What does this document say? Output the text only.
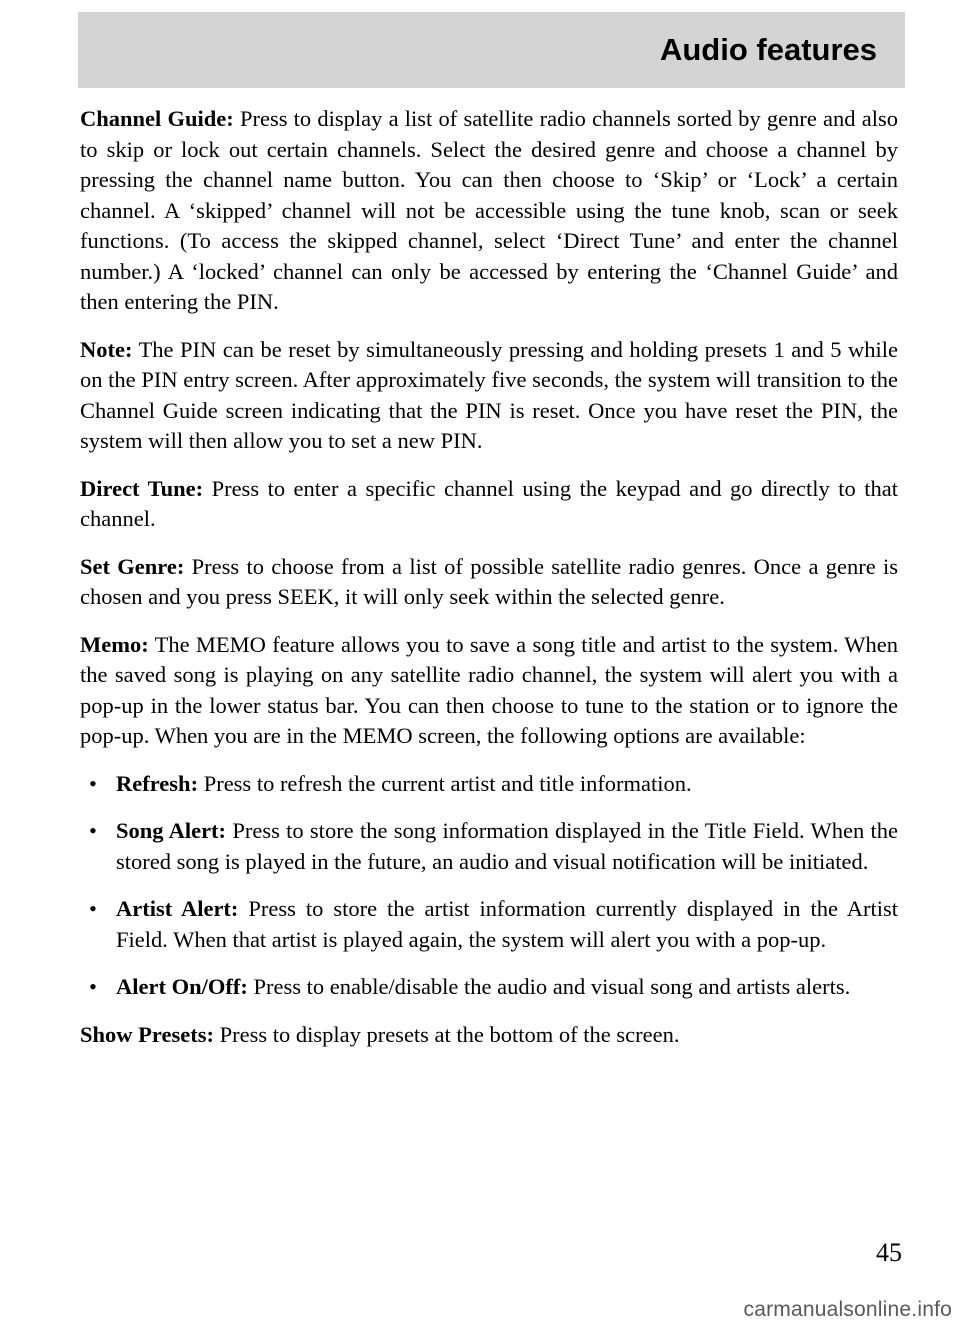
Audio features

Channel Guide: Press to display a list of satellite radio channels sorted by genre and also to skip or lock out certain channels. Select the desired genre and choose a channel by pressing the channel name button. You can then choose to ‘Skip’ or ‘Lock’ a certain channel. A ‘skipped’ channel will not be accessible using the tune knob, scan or seek functions. (To access the skipped channel, select ‘Direct Tune’ and enter the channel number.) A ‘locked’ channel can only be accessed by entering the ‘Channel Guide’ and then entering the PIN.

Note: The PIN can be reset by simultaneously pressing and holding presets 1 and 5 while on the PIN entry screen. After approximately five seconds, the system will transition to the Channel Guide screen indicating that the PIN is reset. Once you have reset the PIN, the system will then allow you to set a new PIN.

Direct Tune: Press to enter a specific channel using the keypad and go directly to that channel.

Set Genre: Press to choose from a list of possible satellite radio genres. Once a genre is chosen and you press SEEK, it will only seek within the selected genre.

Memo: The MEMO feature allows you to save a song title and artist to the system. When the saved song is playing on any satellite radio channel, the system will alert you with a pop-up in the lower status bar. You can then choose to tune to the station or to ignore the pop-up. When you are in the MEMO screen, the following options are available:

• Refresh: Press to refresh the current artist and title information.
• Song Alert: Press to store the song information displayed in the Title Field. When the stored song is played in the future, an audio and visual notification will be initiated.
• Artist Alert: Press to store the artist information currently displayed in the Artist Field. When that artist is played again, the system will alert you with a pop-up.
• Alert On/Off: Press to enable/disable the audio and visual song and artists alerts.

Show Presets: Press to display presets at the bottom of the screen.

45
carmanualsonline.info
